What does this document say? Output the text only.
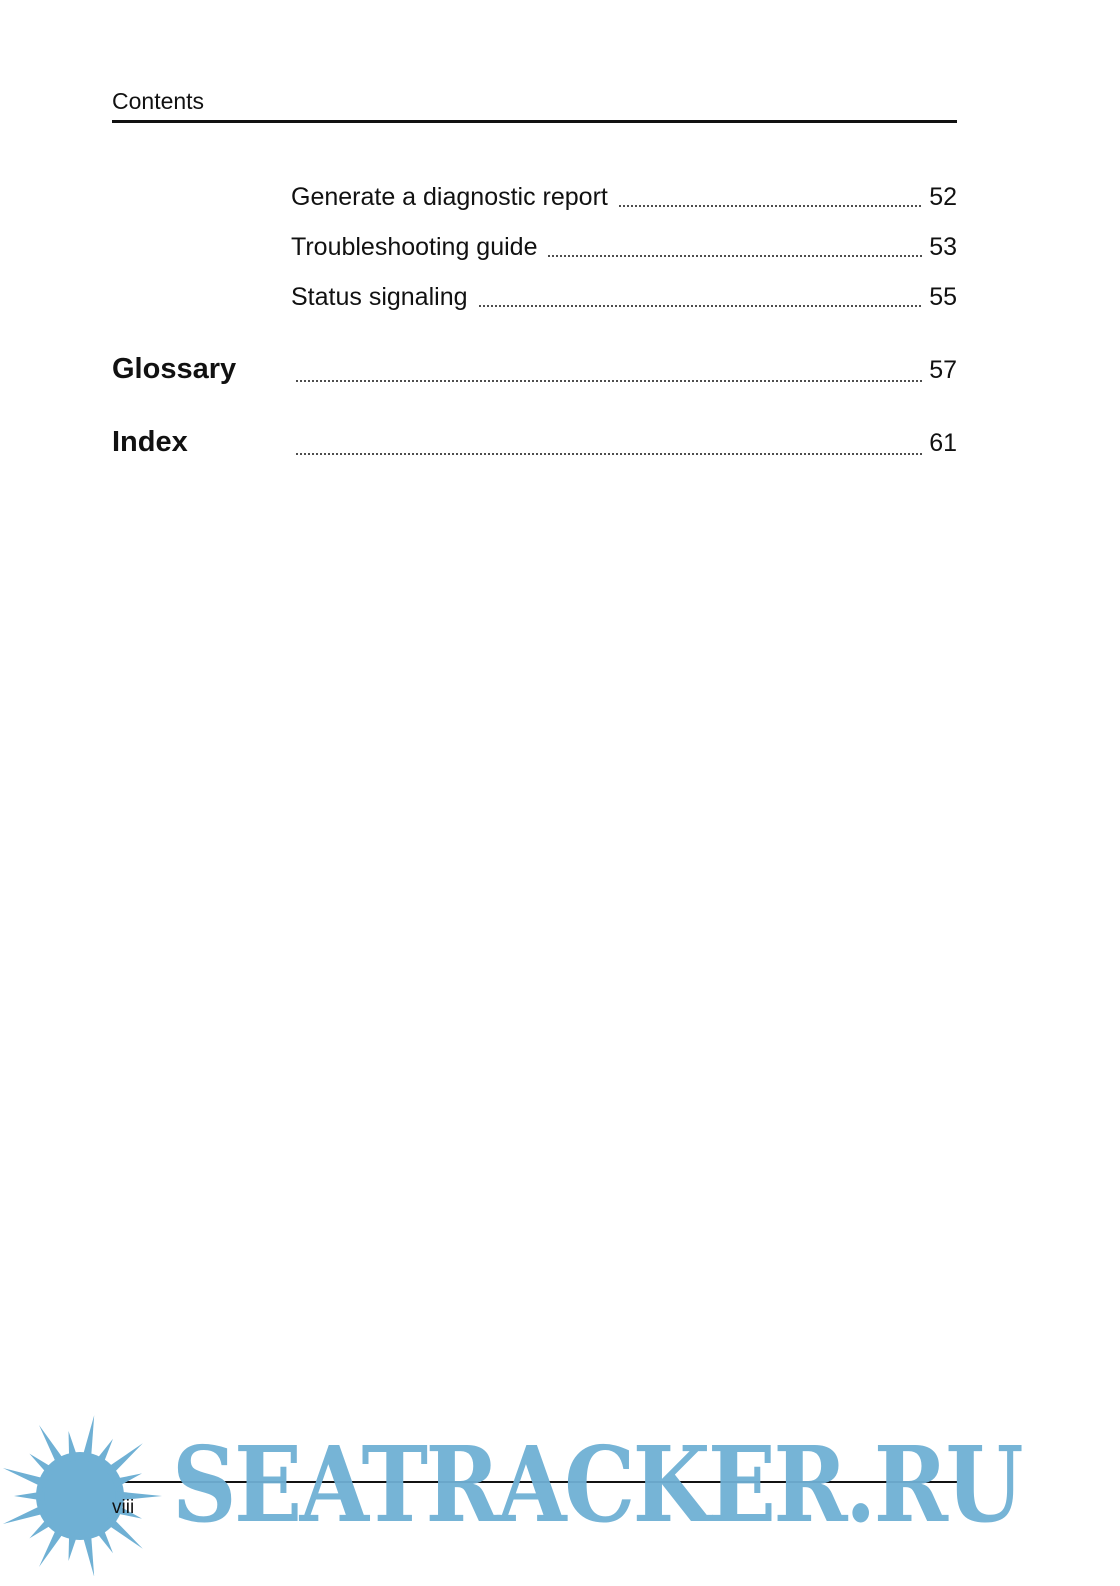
Contents
Generate a diagnostic report	52
Troubleshooting guide	53
Status signaling	55
Glossary	57
Index	61
SEATRACKER.RU
viii
